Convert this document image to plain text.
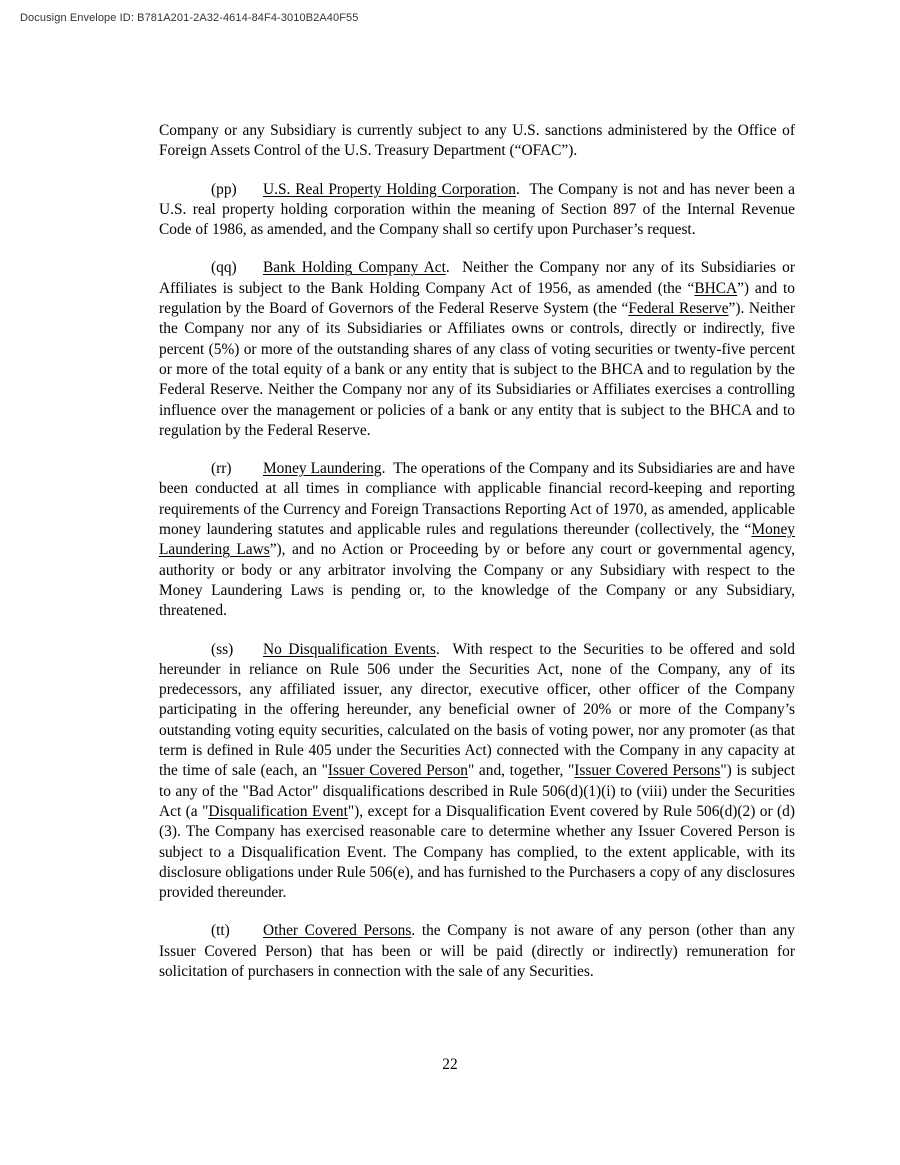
Docusign Envelope ID: B781A201-2A32-4614-84F4-3010B2A40F55

Company or any Subsidiary is currently subject to any U.S. sanctions administered by the Office of Foreign Assets Control of the U.S. Treasury Department (“OFAC”).

(pp) U.S. Real Property Holding Corporation.  The Company is not and has never been a U.S. real property holding corporation within the meaning of Section 897 of the Internal Revenue Code of 1986, as amended, and the Company shall so certify upon Purchaser’s request.

(qq) Bank Holding Company Act.  Neither the Company nor any of its Subsidiaries or Affiliates is subject to the Bank Holding Company Act of 1956, as amended (the “BHCA”) and to regulation by the Board of Governors of the Federal Reserve System (the “Federal Reserve”). Neither the Company nor any of its Subsidiaries or Affiliates owns or controls, directly or indirectly, five percent (5%) or more of the outstanding shares of any class of voting securities or twenty-five percent or more of the total equity of a bank or any entity that is subject to the BHCA and to regulation by the Federal Reserve. Neither the Company nor any of its Subsidiaries or Affiliates exercises a controlling influence over the management or policies of a bank or any entity that is subject to the BHCA and to regulation by the Federal Reserve.

(rr) Money Laundering.  The operations of the Company and its Subsidiaries are and have been conducted at all times in compliance with applicable financial record-keeping and reporting requirements of the Currency and Foreign Transactions Reporting Act of 1970, as amended, applicable money laundering statutes and applicable rules and regulations thereunder (collectively, the “Money Laundering Laws”), and no Action or Proceeding by or before any court or governmental agency, authority or body or any arbitrator involving the Company or any Subsidiary with respect to the Money Laundering Laws is pending or, to the knowledge of the Company or any Subsidiary, threatened.

(ss) No Disqualification Events.  With respect to the Securities to be offered and sold hereunder in reliance on Rule 506 under the Securities Act, none of the Company, any of its predecessors, any affiliated issuer, any director, executive officer, other officer of the Company participating in the offering hereunder, any beneficial owner of 20% or more of the Company’s outstanding voting equity securities, calculated on the basis of voting power, nor any promoter (as that term is defined in Rule 405 under the Securities Act) connected with the Company in any capacity at the time of sale (each, an "Issuer Covered Person" and, together, "Issuer Covered Persons") is subject to any of the "Bad Actor" disqualifications described in Rule 506(d)(1)(i) to (viii) under the Securities Act (a "Disqualification Event"), except for a Disqualification Event covered by Rule 506(d)(2) or (d)(3). The Company has exercised reasonable care to determine whether any Issuer Covered Person is subject to a Disqualification Event. The Company has complied, to the extent applicable, with its disclosure obligations under Rule 506(e), and has furnished to the Purchasers a copy of any disclosures provided thereunder.

(tt) Other Covered Persons. the Company is not aware of any person (other than any Issuer Covered Person) that has been or will be paid (directly or indirectly) remuneration for solicitation of purchasers in connection with the sale of any Securities.

22
